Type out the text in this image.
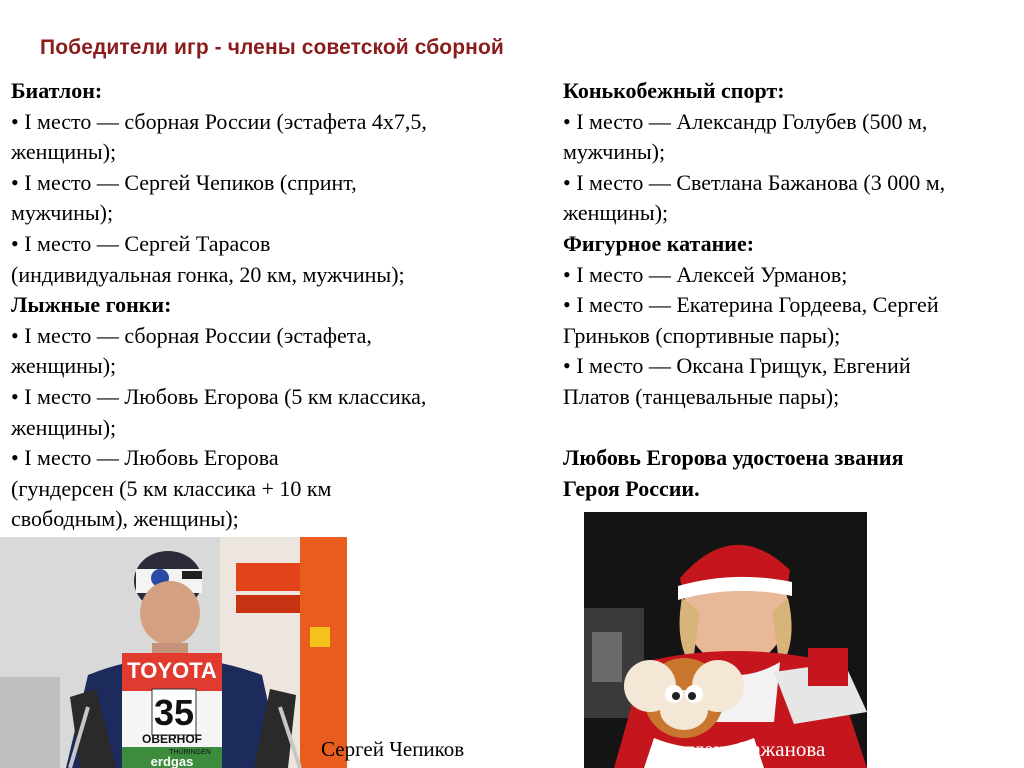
Победители игр - члены советской сборной
Биатлон:
• I место — сборная России (эстафета 4х7,5,
женщины);
• I место — Сергей Чепиков (спринт,
мужчины);
• I место — Сергей Тарасов
(индивидуальная гонка, 20 км, мужчины);
Лыжные гонки:
• I место — сборная России (эстафета,
женщины);
• I место — Любовь Егорова (5 км классика,
женщины);
• I место — Любовь Егорова
(гундерсен (5 км классика + 10 км
свободным), женщины);
Конькобежный спорт:
• I место — Александр Голубев (500 м,
мужчины);
• I место — Светлана Бажанова (3 000 м,
женщины);
Фигурное катание:
• I место — Алексей Урманов;
• I место — Екатерина Гордеева, Сергей
Гриньков (спортивные пары);
• I место — Оксана Грищук, Евгений
Платов (танцевальные пары);
Любовь Егорова удостоена звания
Героя России.
TOYOTA
35
OBERHOF
THÜRINGEN
erdgas
Сергей Чепиков	Светлана Бажанова
